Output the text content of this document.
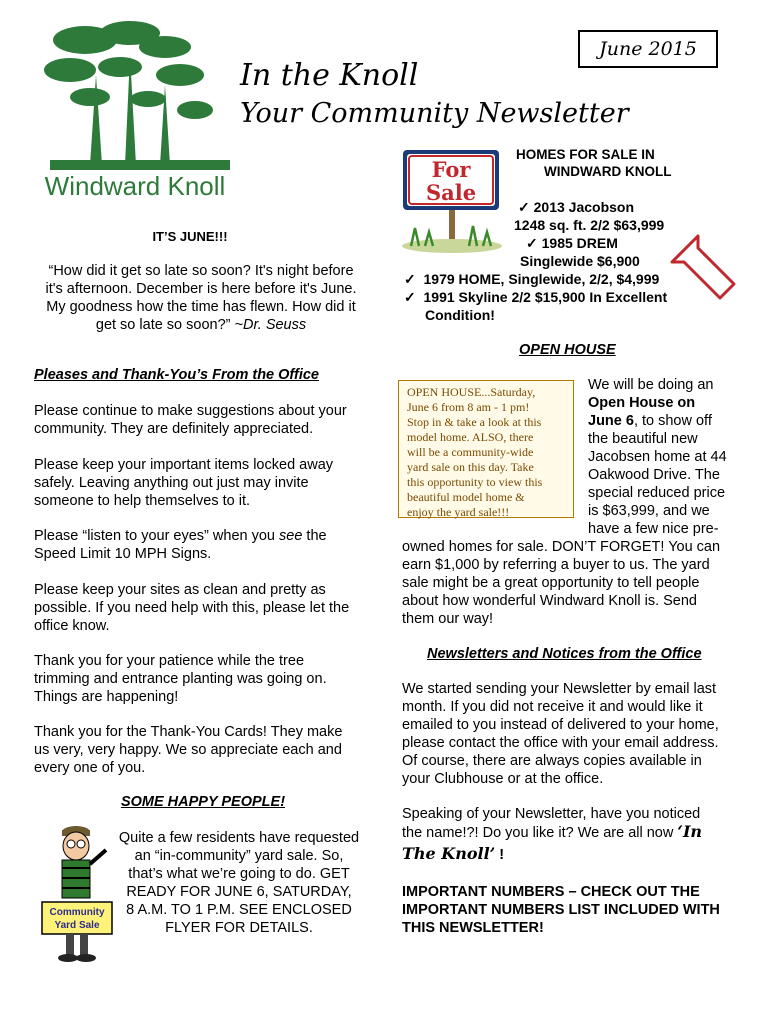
Windward Knoll
June 2015
In the Knoll
Your Community Newsletter
IT’S JUNE!!!
“How did it get so late so soon? It's night before
it's afternoon. December is here before it's June.
My goodness how the time has flewn. How did it
get so late so soon?” ~Dr. Seuss
Pleases and Thank-You’s From the Office
Please continue to make suggestions about your
community. They are definitely appreciated.
Please keep your important items locked away
safely. Leaving anything out just may invite
someone to help themselves to it.
Please “listen to your eyes” when you see the
Speed Limit 10 MPH Signs.
Please keep your sites as clean and pretty as
possible. If you need help with this, please let the
office know.
Thank you for your patience while the tree
trimming and entrance planting was going on.
Things are happening!
Thank you for the Thank-You Cards! They make
us very, very happy. We so appreciate each and
every one of you.
SOME HAPPY PEOPLE!
Community
Yard Sale
Quite a few residents have requested
an “in-community” yard sale. So,
that’s what we’re going to do. GET
READY FOR JUNE 6, SATURDAY,
8 A.M. TO 1 P.M. SEE ENCLOSED
FLYER FOR DETAILS.
For
Sale
HOMES FOR SALE IN
WINDWARD KNOLL
✓ 2013 Jacobson
1248 sq. ft. 2/2 $63,999
✓ 1985 DREM
Singlewide $6,900
✓ 1979 HOME, Singlewide, 2/2, $4,999
✓ 1991 Skyline 2/2 $15,900 In Excellent
Condition!
OPEN HOUSE
OPEN HOUSE...Saturday,
June 6 from 8 am - 1 pm!
Stop in & take a look at this
model home. ALSO, there
will be a community-wide
yard sale on this day. Take
this opportunity to view this
beautiful model home &
enjoy the yard sale!!!
We will be doing an
Open House on
June 6, to show off
the beautiful new
Jacobsen home at 44
Oakwood Drive. The
special reduced price
is $63,999, and we
have a few nice pre-
owned homes for sale. DON’T FORGET! You can
earn $1,000 by referring a buyer to us. The yard
sale might be a great opportunity to tell people
about how wonderful Windward Knoll is. Send
them our way!
Newsletters and Notices from the Office
We started sending your Newsletter by email last
month. If you did not receive it and would like it
emailed to you instead of delivered to your home,
please contact the office with your email address.
Of course, there are always copies available in
your Clubhouse or at the office.
Speaking of your Newsletter, have you noticed
the name!?! Do you like it? We are all now ‘In
The Knoll’ !
IMPORTANT NUMBERS – CHECK OUT THE
IMPORTANT NUMBERS LIST INCLUDED WITH
THIS NEWSLETTER!
